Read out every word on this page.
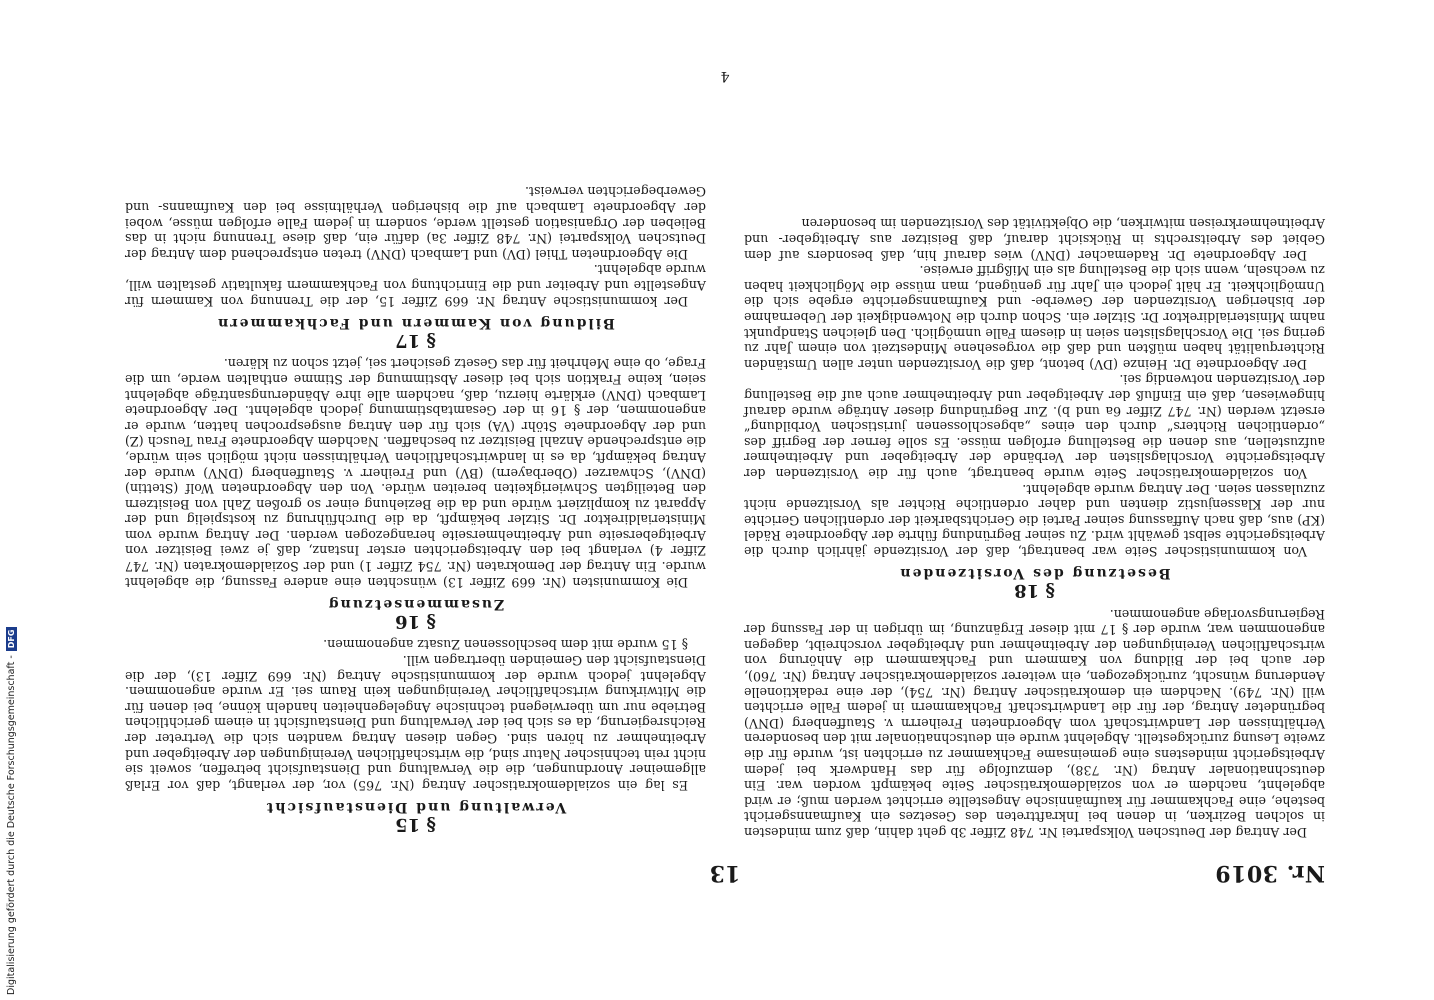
Nr. 3019
13

Der Antrag der Deutschen Volkspartei Nr. 748 Ziffer 3b geht dahin, daß zum mindesten in solchen Bezirken, in denen bei Inkrafttreten des Gesetzes ein Kaufmannsgericht bestehe, eine Fachkammer für kaufmännische Angestellte errichtet werden muß; er wird abgelehnt, nachdem er von sozialdemokratischer Seite bekämpft worden war. Ein deutschnationaler Antrag (Nr. 738), demzufolge für das Handwerk bei jedem Arbeitsgericht mindestens eine gemeinsame Fachkammer zu errichten ist, wurde für die zweite Lesung zurückgestellt. Abgelehnt wurde ein deutschnationaler mit den besonderen Verhältnissen der Landwirtschaft vom Abgeordneten Freiherrn v. Stauffenberg (DNV) begründeter Antrag, der für die Landwirtschaft Fachkammern in jedem Falle errichten will (Nr. 749). Nachdem ein demokratischer Antrag (Nr. 754), der eine redaktionelle Aenderung wünscht, zurückgezogen, ein weiterer sozialdemokratischer Antrag (Nr. 760), der auch bei der Bildung von Kammern und Fachkammern die Anhörung von wirtschaftlichen Vereinigungen der Arbeitnehmer und Arbeitgeber vorschreibt, dagegen angenommen war, wurde der § 17 mit dieser Ergänzung, im übrigen in der Fassung der Regierungsvorlage angenommen.

§ 18
Besetzung des Vorsitzenden

Von kommunistischer Seite war beantragt, daß der Vorsitzende jährlich durch die Arbeitsgerichte selbst gewählt wird. Zu seiner Begründung führte der Abgeordnete Rädel (KP) aus, daß nach Auffassung seiner Partei die Gerichtsbarkeit der ordentlichen Gerichte nur der Klassenjustiz dienten und daher ordentliche Richter als Vorsitzende nicht zuzulassen seien. Der Antrag wurde abgelehnt.

Von sozialdemokratischer Seite wurde beantragt, auch für die Vorsitzenden der Arbeitsgerichte Vorschlagslisten der Verbände der Arbeitgeber und Arbeitnehmer aufzustellen, aus denen die Bestellung erfolgen müsse. Es solle ferner der Begriff des „ordentlichen Richters“ durch den eines „abgeschlossenen juristischen Vorbildung“ ersetzt werden (Nr. 747 Ziffer 6a und b). Zur Begründung dieser Anträge wurde darauf hingewiesen, daß ein Einfluß der Arbeitgeber und Arbeitnehmer auch auf die Bestellung der Vorsitzenden notwendig sei.

Der Abgeordnete Dr. Heinze (DV) betont, daß die Vorsitzenden unter allen Umständen Richterqualität haben müßten und daß die vorgesehene Mindestzeit von einem Jahr zu gering sei. Die Vorschlagslisten seien in diesem Falle unmöglich. Den gleichen Standpunkt nahm Ministerialdirektor Dr. Sitzler ein. Schon durch die Notwendigkeit der Uebernahme der bisherigen Vorsitzenden der Gewerbe- und Kaufmannsgerichte ergebe sich die Unmöglichkeit. Er hält jedoch ein Jahr für genügend, man müsse die Möglichkeit haben zu wechseln, wenn sich die Bestellung als ein Mißgriff erweise.

Der Abgeordnete Dr. Rademacher (DNV) wies darauf hin, daß besonders auf dem Gebiet des Arbeitsrechts in Rücksicht darauf, daß Beisitzer aus Arbeitgeber- und Arbeitnehmerkreisen mitwirken, die Objektivität des Vorsitzenden im besonderen

§ 15
Verwaltung und Dienstaufsicht

Es lag ein sozialdemokratischer Antrag (Nr. 765) vor, der verlangt, daß vor Erlaß allgemeiner Anordnungen, die die Verwaltung und Dienstaufsicht betreffen, soweit sie nicht rein technischer Natur sind, die wirtschaftlichen Vereinigungen der Arbeitgeber und Arbeitnehmer zu hören sind. Gegen diesen Antrag wandten sich die Vertreter der Reichsregierung, da es sich bei der Verwaltung und Dienstaufsicht in einem gerichtlichen Betriebe nur um überwiegend technische Angelegenheiten handeln könne, bei denen für die Mitwirkung wirtschaftlicher Vereinigungen kein Raum sei. Er wurde angenommen. Abgelehnt jedoch wurde der kommunistische Antrag (Nr. 669 Ziffer 13), der die Dienstaufsicht den Gemeinden übertragen will.

§ 15 wurde mit dem beschlossenen Zusatz angenommen.

§ 16
Zusammensetzung

Die Kommunisten (Nr. 669 Ziffer 13) wünschten eine andere Fassung, die abgelehnt wurde. Ein Antrag der Demokraten (Nr. 754 Ziffer 1) und der Sozialdemokraten (Nr. 747 Ziffer 4) verlangt bei den Arbeitsgerichten erster Instanz, daß je zwei Beisitzer von Arbeitgeberseite und Arbeitnehmerseite herangezogen werden. Der Antrag wurde vom Ministerialdirektor Dr. Sitzler bekämpft, da die Durchführung zu kostspielig und der Apparat zu kompliziert würde und da die Beziehung einer so großen Zahl von Beisitzern den Beteiligten Schwierigkeiten bereiten würde. Von den Abgeordneten Wolf (Stettin) (DNV), Schwarzer (Oberbayern) (BV) und Freiherr v. Stauffenberg (DNV) wurde der Antrag bekämpft, da es in landwirtschaftlichen Verhältnissen nicht möglich sein würde, die entsprechende Anzahl Beisitzer zu beschaffen. Nachdem Abgeordnete Frau Teusch (Z) und der Abgeordnete Stöhr (VA) sich für den Antrag ausgesprochen hatten, wurde er angenommen, der § 16 in der Gesamtabstimmung jedoch abgelehnt. Der Abgeordnete Lambach (DNV) erklärte hierzu, daß, nachdem alle ihre Abänderungsanträge abgelehnt seien, keine Fraktion sich bei dieser Abstimmung der Stimme enthalten werde, um die Frage, ob eine Mehrheit für das Gesetz gesichert sei, jetzt schon zu klären.

§ 17
Bildung von Kammern und Fachkammern

Der kommunistische Antrag Nr. 669 Ziffer 15, der die Trennung von Kammern für Angestellte und Arbeiter und die Einrichtung von Fachkammern fakultativ gestalten will, wurde abgelehnt.

Die Abgeordneten Thiel (DV) und Lambach (DNV) treten entsprechend dem Antrag der Deutschen Volkspartei (Nr. 748 Ziffer 3a) dafür ein, daß diese Trennung nicht in das Belieben der Organisation gestellt werde, sondern in jedem Falle erfolgen müsse, wobei der Abgeordnete Lambach auf die bisherigen Verhältnisse bei den Kaufmanns- und Gewerbegerichten verweist.

4
Digitalisierung gefördert durch die Deutsche Forschungsgemeinschaft -
DFG
